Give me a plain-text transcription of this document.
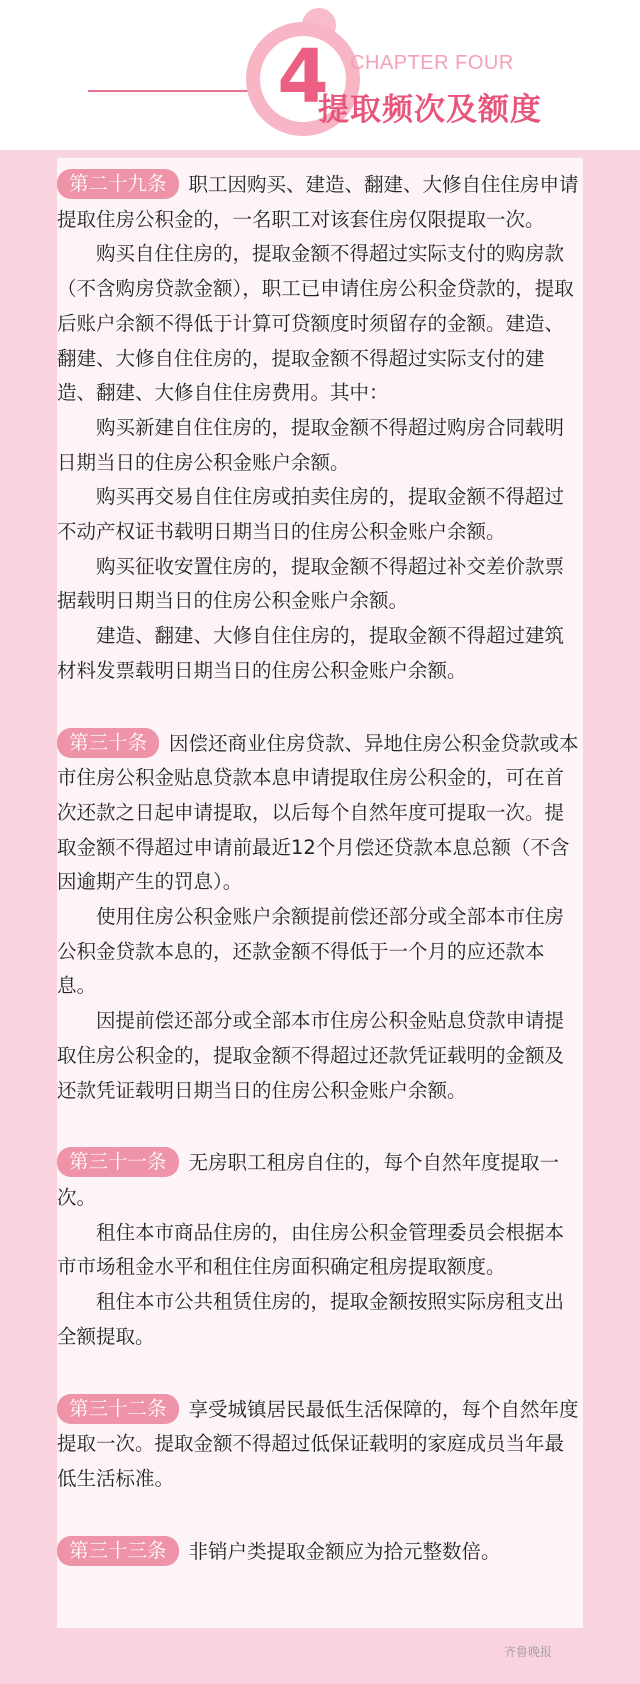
4	CHAPTER FOUR
提取频次及额度

第二十九条 职工因购买、建造、翻建、大修自住住房申请提取住房公积金的，一名职工对该套住房仅限提取一次。

购买自住住房的，提取金额不得超过实际支付的购房款（不含购房贷款金额），职工已申请住房公积金贷款的，提取后账户余额不得低于计算可贷额度时须留存的金额。建造、翻建、大修自住住房的，提取金额不得超过实际支付的建造、翻建、大修自住住房费用。其中：

购买新建自住住房的，提取金额不得超过购房合同载明日期当日的住房公积金账户余额。

购买再交易自住住房或拍卖住房的，提取金额不得超过不动产权证书载明日期当日的住房公积金账户余额。

购买征收安置住房的，提取金额不得超过补交差价款票据载明日期当日的住房公积金账户余额。

建造、翻建、大修自住住房的，提取金额不得超过建筑材料发票载明日期当日的住房公积金账户余额。

第三十条 因偿还商业住房贷款、异地住房公积金贷款或本市住房公积金贴息贷款本息申请提取住房公积金的，可在首次还款之日起申请提取，以后每个自然年度可提取一次。提取金额不得超过申请前最近12个月偿还贷款本息总额（不含因逾期产生的罚息）。

使用住房公积金账户余额提前偿还部分或全部本市住房公积金贷款本息的，还款金额不得低于一个月的应还款本息。

因提前偿还部分或全部本市住房公积金贴息贷款申请提取住房公积金的，提取金额不得超过还款凭证载明的金额及还款凭证载明日期当日的住房公积金账户余额。

第三十一条 无房职工租房自住的，每个自然年度提取一次。

租住本市商品住房的，由住房公积金管理委员会根据本市市场租金水平和租住住房面积确定租房提取额度。

租住本市公共租赁住房的，提取金额按照实际房租支出全额提取。

第三十二条 享受城镇居民最低生活保障的，每个自然年度提取一次。提取金额不得超过低保证载明的家庭成员当年最低生活标准。

第三十三条 非销户类提取金额应为拾元整数倍。

齐鲁晚报
